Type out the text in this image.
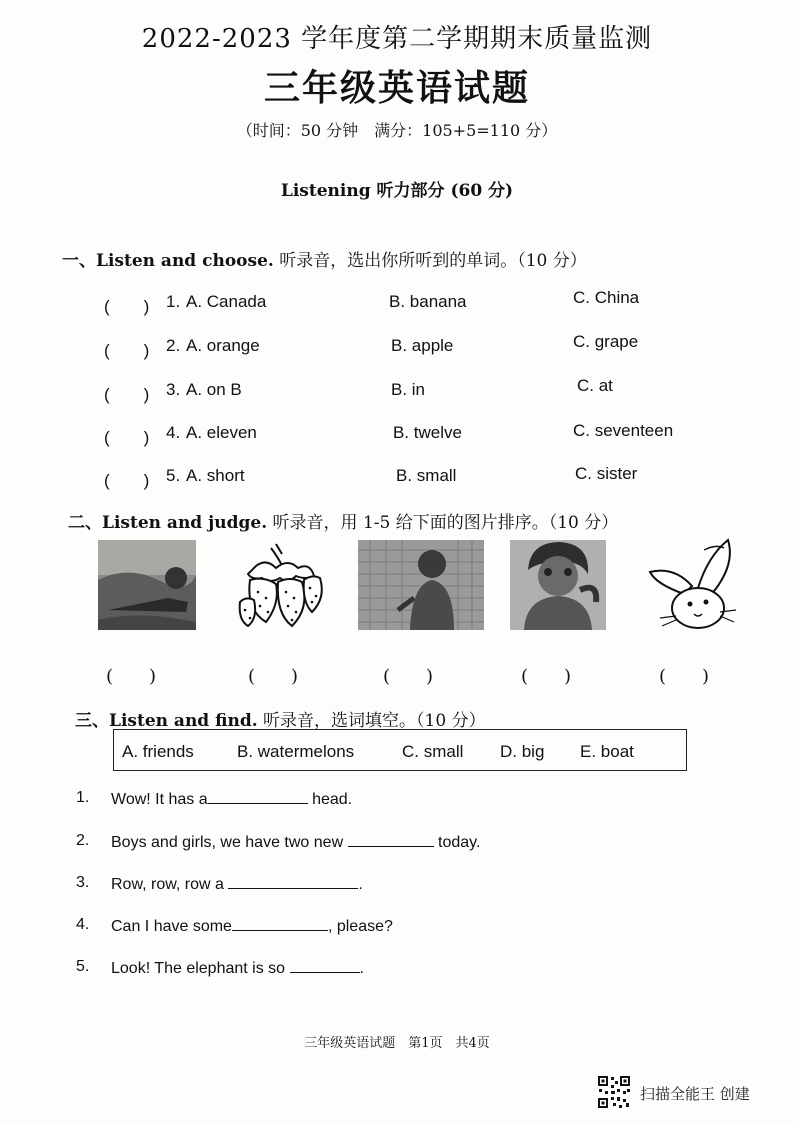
2022-2023 学年度第二学期期末质量监测
三年级英语试题
（时间：50 分钟　满分：105+5=110 分）
Listening 听力部分 (60 分)
一、Listen and choose. 听录音，选出你所听到的单词。（10 分）
(　　) 1. A. Canada	B. banana	C. China
(　　) 2. A. orange	B. apple	C. grape
(　　) 3. A. on B	B. in	C. at
(　　) 4. A. eleven	B. twelve	C. seventeen
(　　) 5. A. short	B. small	C. sister
二、Listen and judge. 听录音，用 1-5 给下面的图片排序。（10 分）
(　　)	(　　)	(　　)	(　　)	(　　)
三、Listen and find. 听录音，选词填空。（10 分）
A. friends	B. watermelons	C. small D. big E. boat
1. Wow! It has a	head.
2. Boys and girls, we have two new	today.
3. Row, row, row a	.
4. Can I have some	, please?
5. Look! The elephant is so	.
三年级英语试题　第1页　共4页
扫描全能王 创建
